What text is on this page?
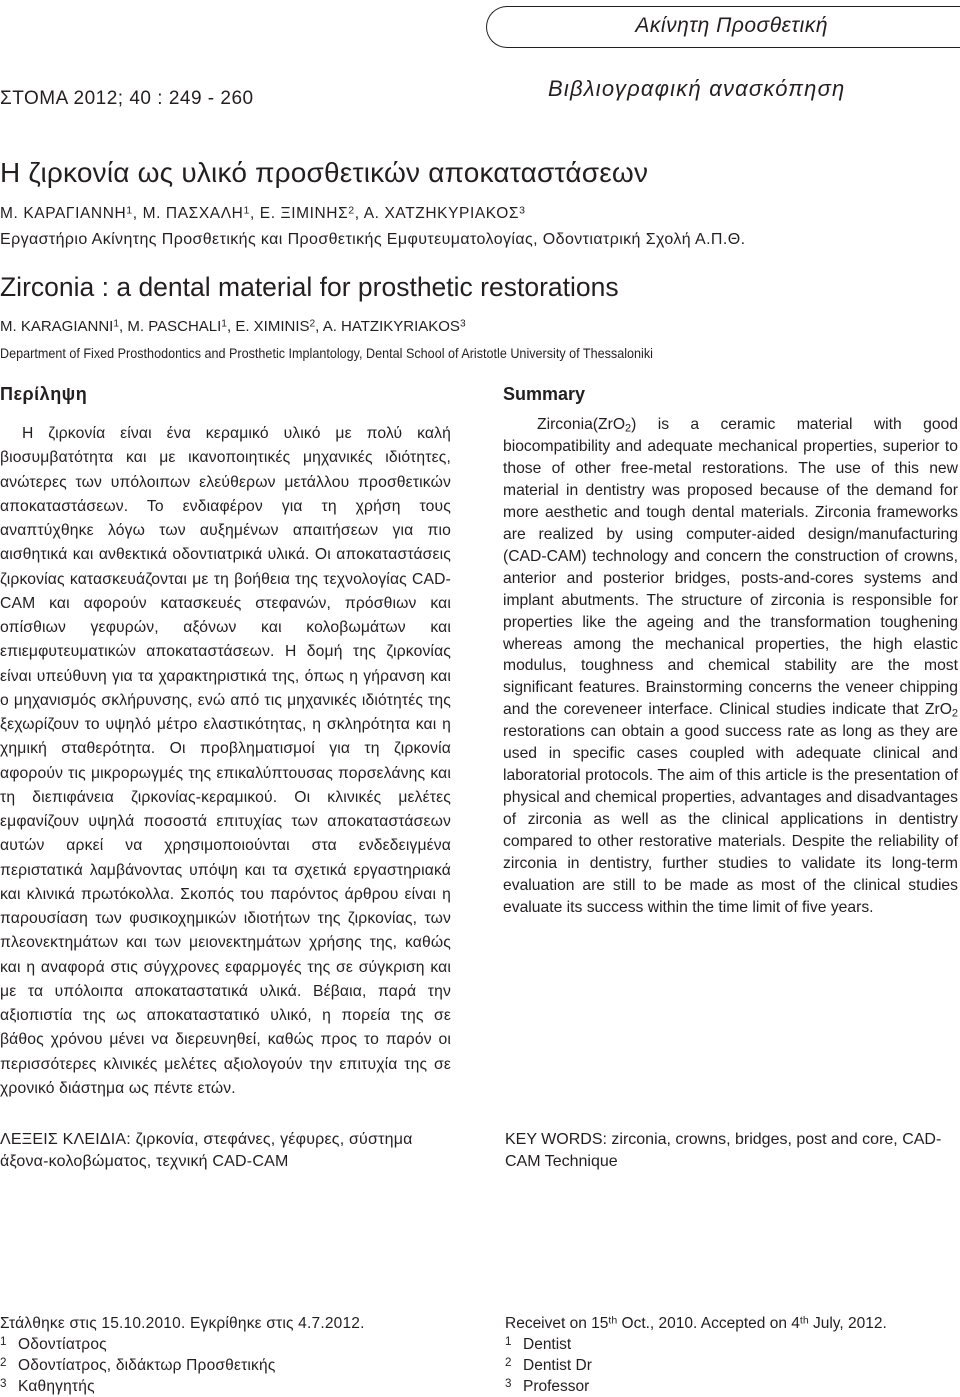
Ακίνητη Προσθετική
ΣΤΟΜΑ 2012; 40 : 249 - 260	Βιβλιογραφική ανασκόπηση
Η ζιρκονία ως υλικό προσθετικών αποκαταστάσεων
Μ. ΚΑΡΑΓΙΑΝΝΗ$^1$, Μ. ΠΑΣΧΑΛΗ$^1$, Ε. ΞΙΜΙΝΗΣ$^2$, Α. ΧΑΤΖΗΚΥΡΙΑΚΟΣ$^3$
Εργαστήριο Ακίνητης Προσθετικής και Προσθετικής Εμφυτευματολογίας, Οδοντιατρική Σχολή Α.Π.Θ.
Zirconia : a dental material for prosthetic restorations
M. KARAGIANNI$^1$, M. PASCHALI$^1$, E. XIMINIS$^2$, A. HATZIKYRIAKOS$^3$
Department of Fixed Prosthodontics and Prosthetic Implantology, Dental School of Aristotle University of Thessaloniki
Περίληψη	Summary

Η ζιρκονία είναι ένα κεραμικό υλικό με πολύ καλή βιοσυμβατότητα και με ικανοποιητικές μηχανικές ιδιότητες, ανώτερες των υπόλοιπων ελεύθερων μετάλλου προσθετικών αποκαταστάσεων. Το ενδιαφέρον για τη χρήση τους αναπτύχθηκε λόγω των αυξημένων απαιτήσεων για πιο αισθητικά και ανθεκτικά οδοντιατρικά υλικά. Οι αποκαταστάσεις ζιρκονίας κατασκευάζονται με τη βοήθεια της τεχνολογίας CAD-CAM και αφορούν κατασκευές στεφανών, πρόσθιων και οπίσθιων γεφυρών, αξόνων και κολοβωμάτων και επιεμφυτευματικών αποκαταστάσεων. Η δομή της ζιρκονίας είναι υπεύθυνη για τα χαρακτηριστικά της, όπως η γήρανση και ο μηχανισμός σκλήρυνσης, ενώ από τις μηχανικές ιδιότητές της ξεχωρίζουν το υψηλό μέτρο ελαστικότητας, η σκληρότητα και η χημική σταθερότητα. Οι προβληματισμοί για τη ζιρκονία αφορούν τις μικρορωγμές της επικαλύπτουσας πορσελάνης και τη διεπιφάνεια ζιρκονίας-κεραμικού. Οι κλινικές μελέτες εμφανίζουν υψηλά ποσοστά επιτυχίας των αποκαταστάσεων αυτών αρκεί να χρησιμοποιούνται στα ενδεδειγμένα περιστατικά λαμβάνοντας υπόψη και τα σχετικά εργαστηριακά και κλινικά πρωτόκολλα. Σκοπός του παρόντος άρθρου είναι η παρουσίαση των φυσικοχημικών ιδιοτήτων της ζιρκονίας, των πλεονεκτημάτων και των μειονεκτημάτων χρήσης της, καθώς και η αναφορά στις σύγχρονες εφαρμογές της σε σύγκριση και με τα υπόλοιπα αποκαταστατικά υλικά. Βέβαια, παρά την αξιοπιστία της ως αποκαταστατικό υλικό, η πορεία της σε βάθος χρόνου μένει να διερευνηθεί, καθώς προς το παρόν οι περισσότερες κλινικές μελέτες αξιολογούν την επιτυχία της σε χρονικό διάστημα ως πέντε ετών.

Zirconia(ZrO$_2$) is a ceramic material with good biocompatibility and adequate mechanical properties, superior to those of other free-metal restorations. The use of this new material in dentistry was proposed because of the demand for more aesthetic and tough dental materials. Zirconia frameworks are realized by using computer-aided design/manufacturing (CAD-CAM) technology and concern the construction of crowns, anterior and posterior bridges, posts-and-cores systems and implant abutments. The structure of zirconia is responsible for properties like the ageing and the transformation toughening whereas among the mechanical properties, the high elastic modulus, toughness and chemical stability are the most significant features. Brainstorming concerns the veneer chipping and the coreveneer interface. Clinical studies indicate that ZrO$_2$ restorations can obtain a good success rate as long as they are used in specific cases coupled with adequate clinical and laboratorial protocols. The aim of this article is the presentation of physical and chemical properties, advantages and disadvantages of zirconia as well as the clinical applications in dentistry compared to other restorative materials. Despite the reliability of zirconia in dentistry, further studies to validate its long-term evaluation are still to be made as most of the clinical studies evaluate its success within the time limit of five years.

ΛΕΞΕΙΣ ΚΛΕΙΔΙΑ: ζιρκονία, στεφάνες, γέφυρες, σύστημα άξονα-κολοβώματος, τεχνική CAD-CAM
KEY WORDS: zirconia, crowns, bridges, post and core, CAD-CAM Technique
Στάλθηκε στις 15.10.2010. Εγκρίθηκε στις 4.7.2012.
1 Οδοντίατρος
2 Οδοντίατρος, διδάκτωρ Προσθετικής
3 Καθηγητής
Receivet on 15th Oct., 2010. Accepted on 4th July, 2012.
1 Dentist
2 Dentist Dr
3 Professor
